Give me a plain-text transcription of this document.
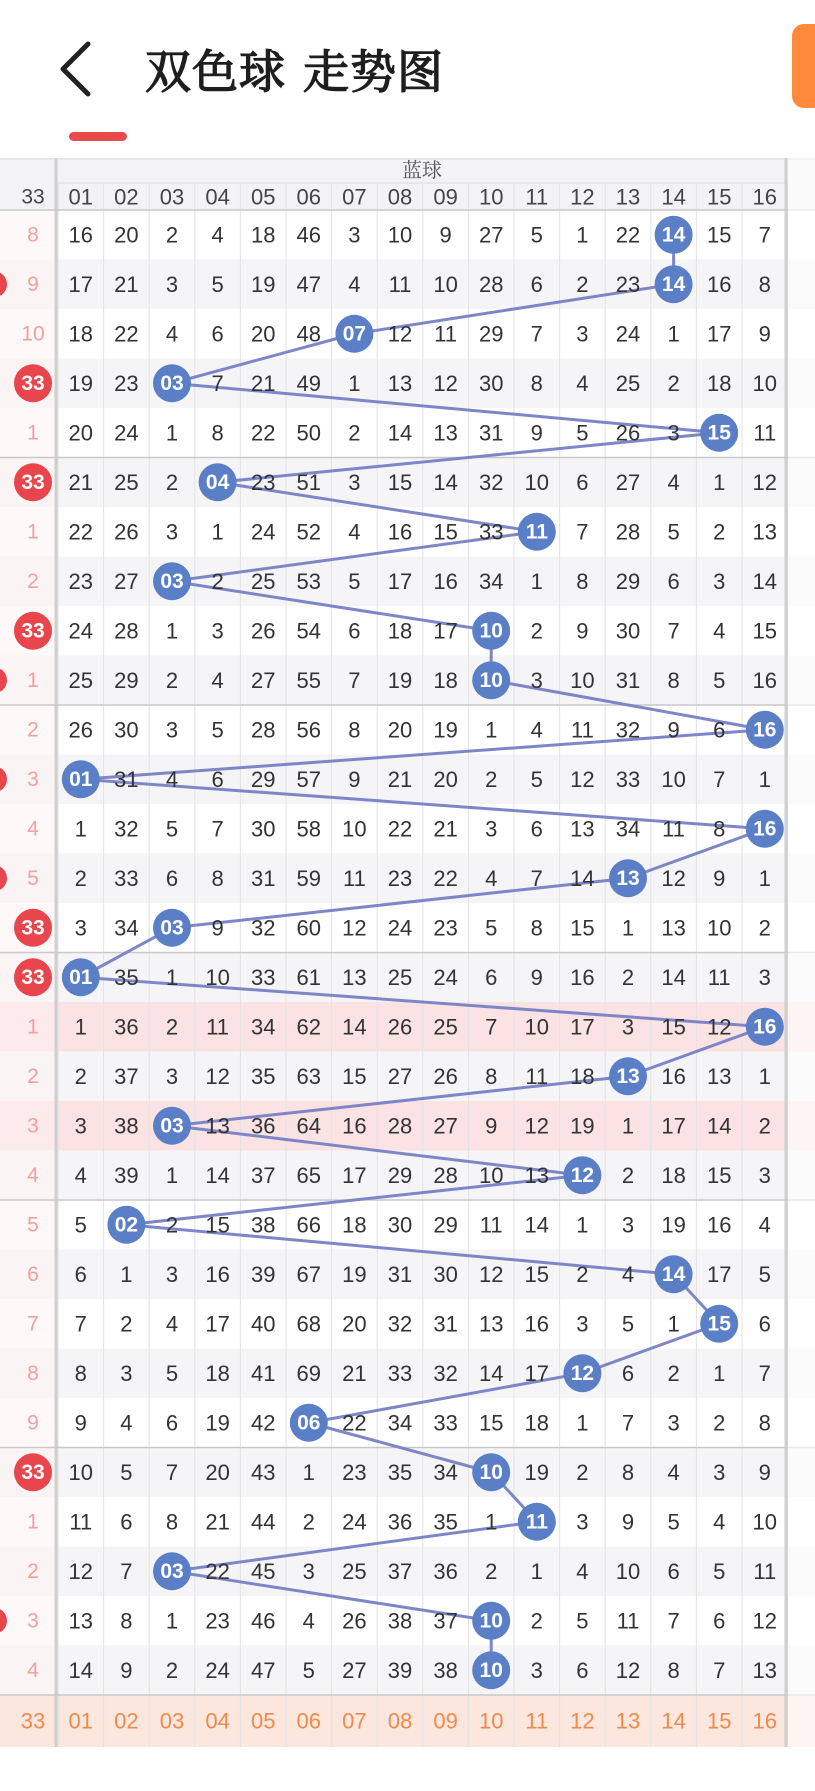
双色球 走势图
蓝球
33 01 02 03 04 05 06 07 08 09 10 11 12 13 14 15 16
8
9
10
33
1
33
1
2
33
1
2
3
4
5
33
33
1
2
3
4
5
6
7
8
9
33
1
2
3
4
16 20 2 4 18 46 3 10 9 27 5 1 22 14 15 7
17 21 3 5 19 47 4 11 10 28 6 2 23 14 16 8
18 22 4 6 20 48 07 12 11 29 7 3 24 1 17 9
19 23 03 7 21 49 1 13 12 30 8 4 25 2 18 10
20 24 1 8 22 50 2 14 13 31 9 5 26 3 15 11
21 25 2 04 23 51 3 15 14 32 10 6 27 4 1 12
22 26 3 1 24 52 4 16 15 33 11 7 28 5 2 13
23 27 03 2 25 53 5 17 16 34 1 8 29 6 3 14
24 28 1 3 26 54 6 18 17 10 2 9 30 7 4 15
25 29 2 4 27 55 7 19 18 10 3 10 31 8 5 16
26 30 3 5 28 56 8 20 19 1 4 11 32 9 6 16
01 31 4 6 29 57 9 21 20 2 5 12 33 10 7 1
1 32 5 7 30 58 10 22 21 3 6 13 34 11 8 16
2 33 6 8 31 59 11 23 22 4 7 14 13 12 9 1
3 34 03 9 32 60 12 24 23 5 8 15 1 13 10 2
01 35 1 10 33 61 13 25 24 6 9 16 2 14 11 3
1 36 2 11 34 62 14 26 25 7 10 17 3 15 12 16
2 37 3 12 35 63 15 27 26 8 11 18 13 16 13 1
3 38 03 13 36 64 16 28 27 9 12 19 1 17 14 2
4 39 1 14 37 65 17 29 28 10 13 12 2 18 15 3
5 02 2 15 38 66 18 30 29 11 14 1 3 19 16 4
6 1 3 16 39 67 19 31 30 12 15 2 4 14 17 5
7 2 4 17 40 68 20 32 31 13 16 3 5 1 15 6
8 3 5 18 41 69 21 33 32 14 17 12 6 2 1 7
9 4 6 19 42 06 22 34 33 15 18 1 7 3 2 8
10 5 7 20 43 1 23 35 34 10 19 2 8 4 3 9
11 6 8 21 44 2 24 36 35 1 11 3 9 5 4 10
12 7 03 22 45 3 25 37 36 2 1 4 10 6 5 11
13 8 1 23 46 4 26 38 37 10 2 5 11 7 6 12
14 9 2 24 47 5 27 39 38 10 3 6 12 8 7 13
33 01 02 03 04 05 06 07 08 09 10 11 12 13 14 15 16
